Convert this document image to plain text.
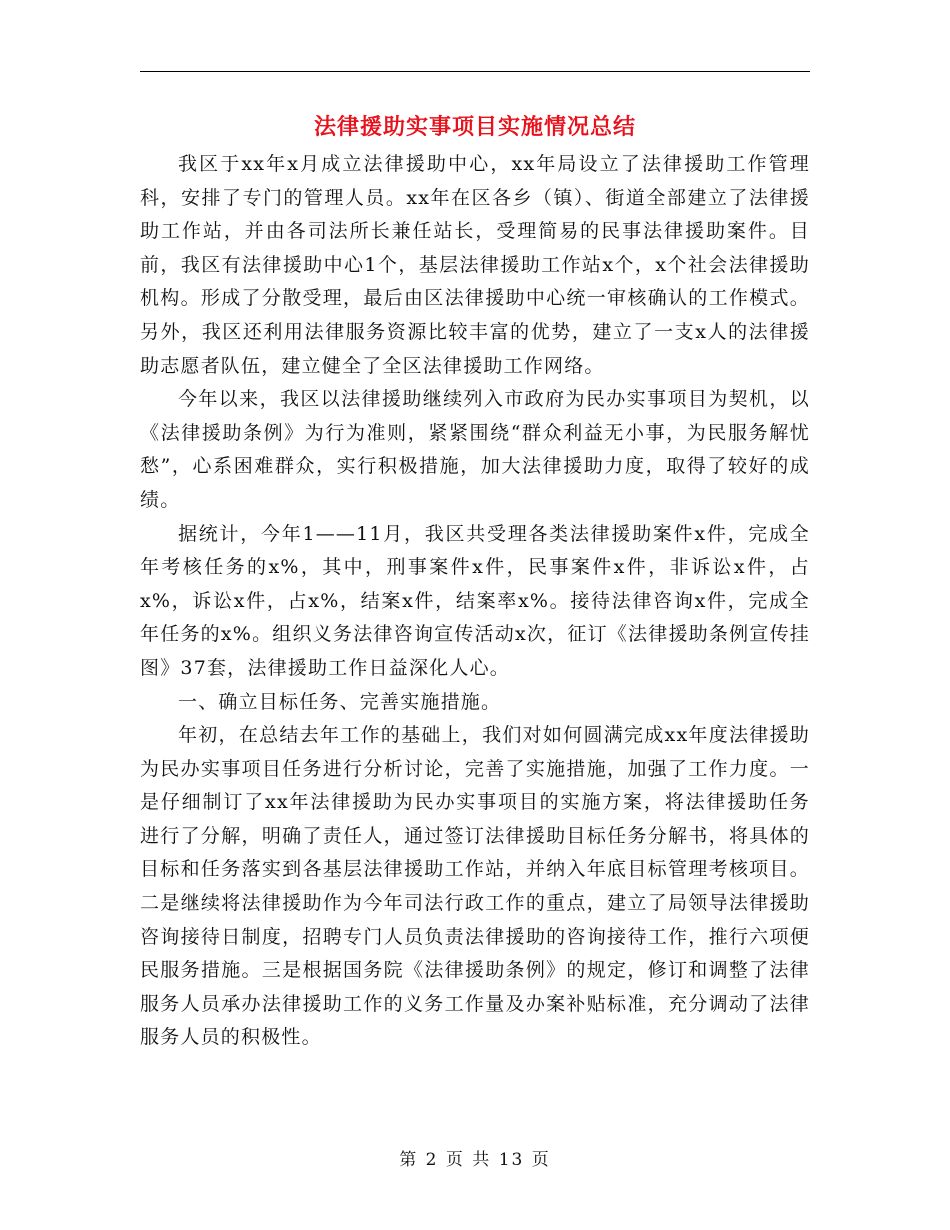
法律援助实事项目实施情况总结

我区于xx年x月成立法律援助中心，xx年局设立了法律援助工作管理科，安排了专门的管理人员。xx年在区各乡（镇）、街道全部建立了法律援助工作站，并由各司法所长兼任站长，受理简易的民事法律援助案件。目前，我区有法律援助中心1个，基层法律援助工作站x个，x个社会法律援助机构。形成了分散受理，最后由区法律援助中心统一审核确认的工作模式。另外，我区还利用法律服务资源比较丰富的优势，建立了一支x人的法律援助志愿者队伍，建立健全了全区法律援助工作网络。

今年以来，我区以法律援助继续列入市政府为民办实事项目为契机，以《法律援助条例》为行为准则，紧紧围绕“群众利益无小事，为民服务解忧愁”，心系困难群众，实行积极措施，加大法律援助力度，取得了较好的成绩。

据统计，今年1——11月，我区共受理各类法律援助案件x件，完成全年考核任务的x%，其中，刑事案件x件，民事案件x件，非诉讼x件，占x%，诉讼x件，占x%，结案x件，结案率x%。接待法律咨询x件，完成全年任务的x%。组织义务法律咨询宣传活动x次，征订《法律援助条例宣传挂图》37套，法律援助工作日益深化人心。

一、确立目标任务、完善实施措施。

年初，在总结去年工作的基础上，我们对如何圆满完成xx年度法律援助为民办实事项目任务进行分析讨论，完善了实施措施，加强了工作力度。一是仔细制订了xx年法律援助为民办实事项目的实施方案，将法律援助任务进行了分解，明确了责任人，通过签订法律援助目标任务分解书，将具体的目标和任务落实到各基层法律援助工作站，并纳入年底目标管理考核项目。二是继续将法律援助作为今年司法行政工作的重点，建立了局领导法律援助咨询接待日制度，招聘专门人员负责法律援助的咨询接待工作，推行六项便民服务措施。三是根据国务院《法律援助条例》的规定，修订和调整了法律服务人员承办法律援助工作的义务工作量及办案补贴标准，充分调动了法律服务人员的积极性。

第 2 页 共 13 页
